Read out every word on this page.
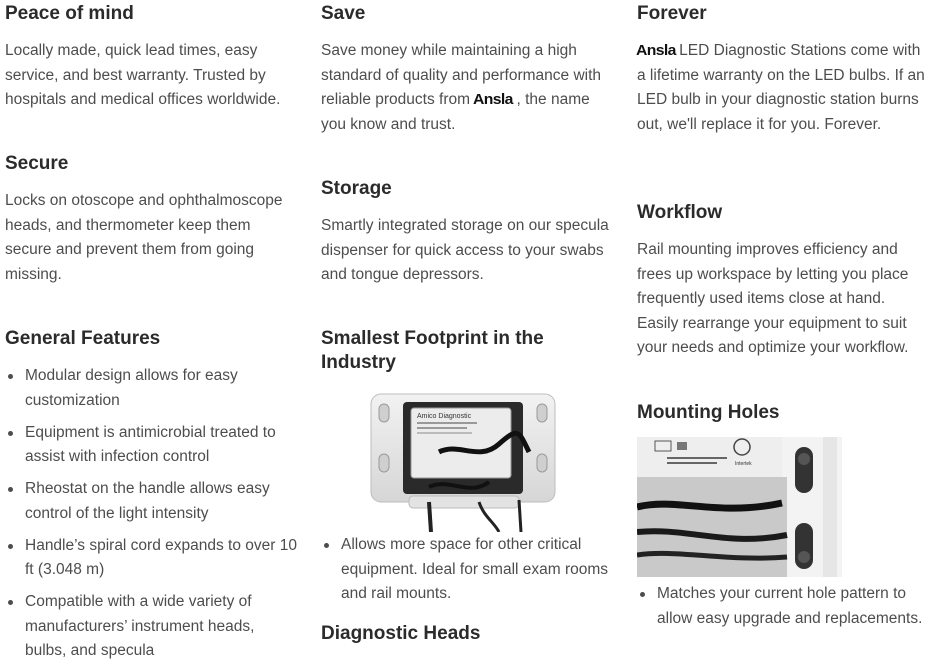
Peace of mind

Locally made, quick lead times, easy service, and best warranty. Trusted by hospitals and medical offices worldwide.

Secure

Locks on otoscope and ophthalmoscope heads, and thermometer keep them secure and prevent them from going missing.

General Features
Modular design allows for easy customization
Equipment is antimicrobial treated to assist with infection control
Rheostat on the handle allows easy control of the light intensity
Handle’s spiral cord expands to over 10 ft (3.048 m)
Compatible with a wide variety of manufacturers’ instrument heads, bulbs, and specula
Save

Save money while maintaining a high standard of quality and performance with reliable products from Ansla , the name you know and trust.

Storage

Smartly integrated storage on our specula dispenser for quick access to your swabs and tongue depressors.

Smallest Footprint in the Industry
Amico Diagnostic
Allows more space for other critical equipment. Ideal for small exam rooms and rail mounts.
Diagnostic Heads
Forever

Ansla LED Diagnostic Stations come with a lifetime warranty on the LED bulbs. If an LED bulb in your diagnostic station burns out, we'll replace it for you. Forever.

Workflow

Rail mounting improves efficiency and frees up workspace by letting you place frequently used items close at hand. Easily rearrange your equipment to suit your needs and optimize your workflow.

Mounting Holes
Intertek
Matches your current hole pattern to allow easy upgrade and replacements.
